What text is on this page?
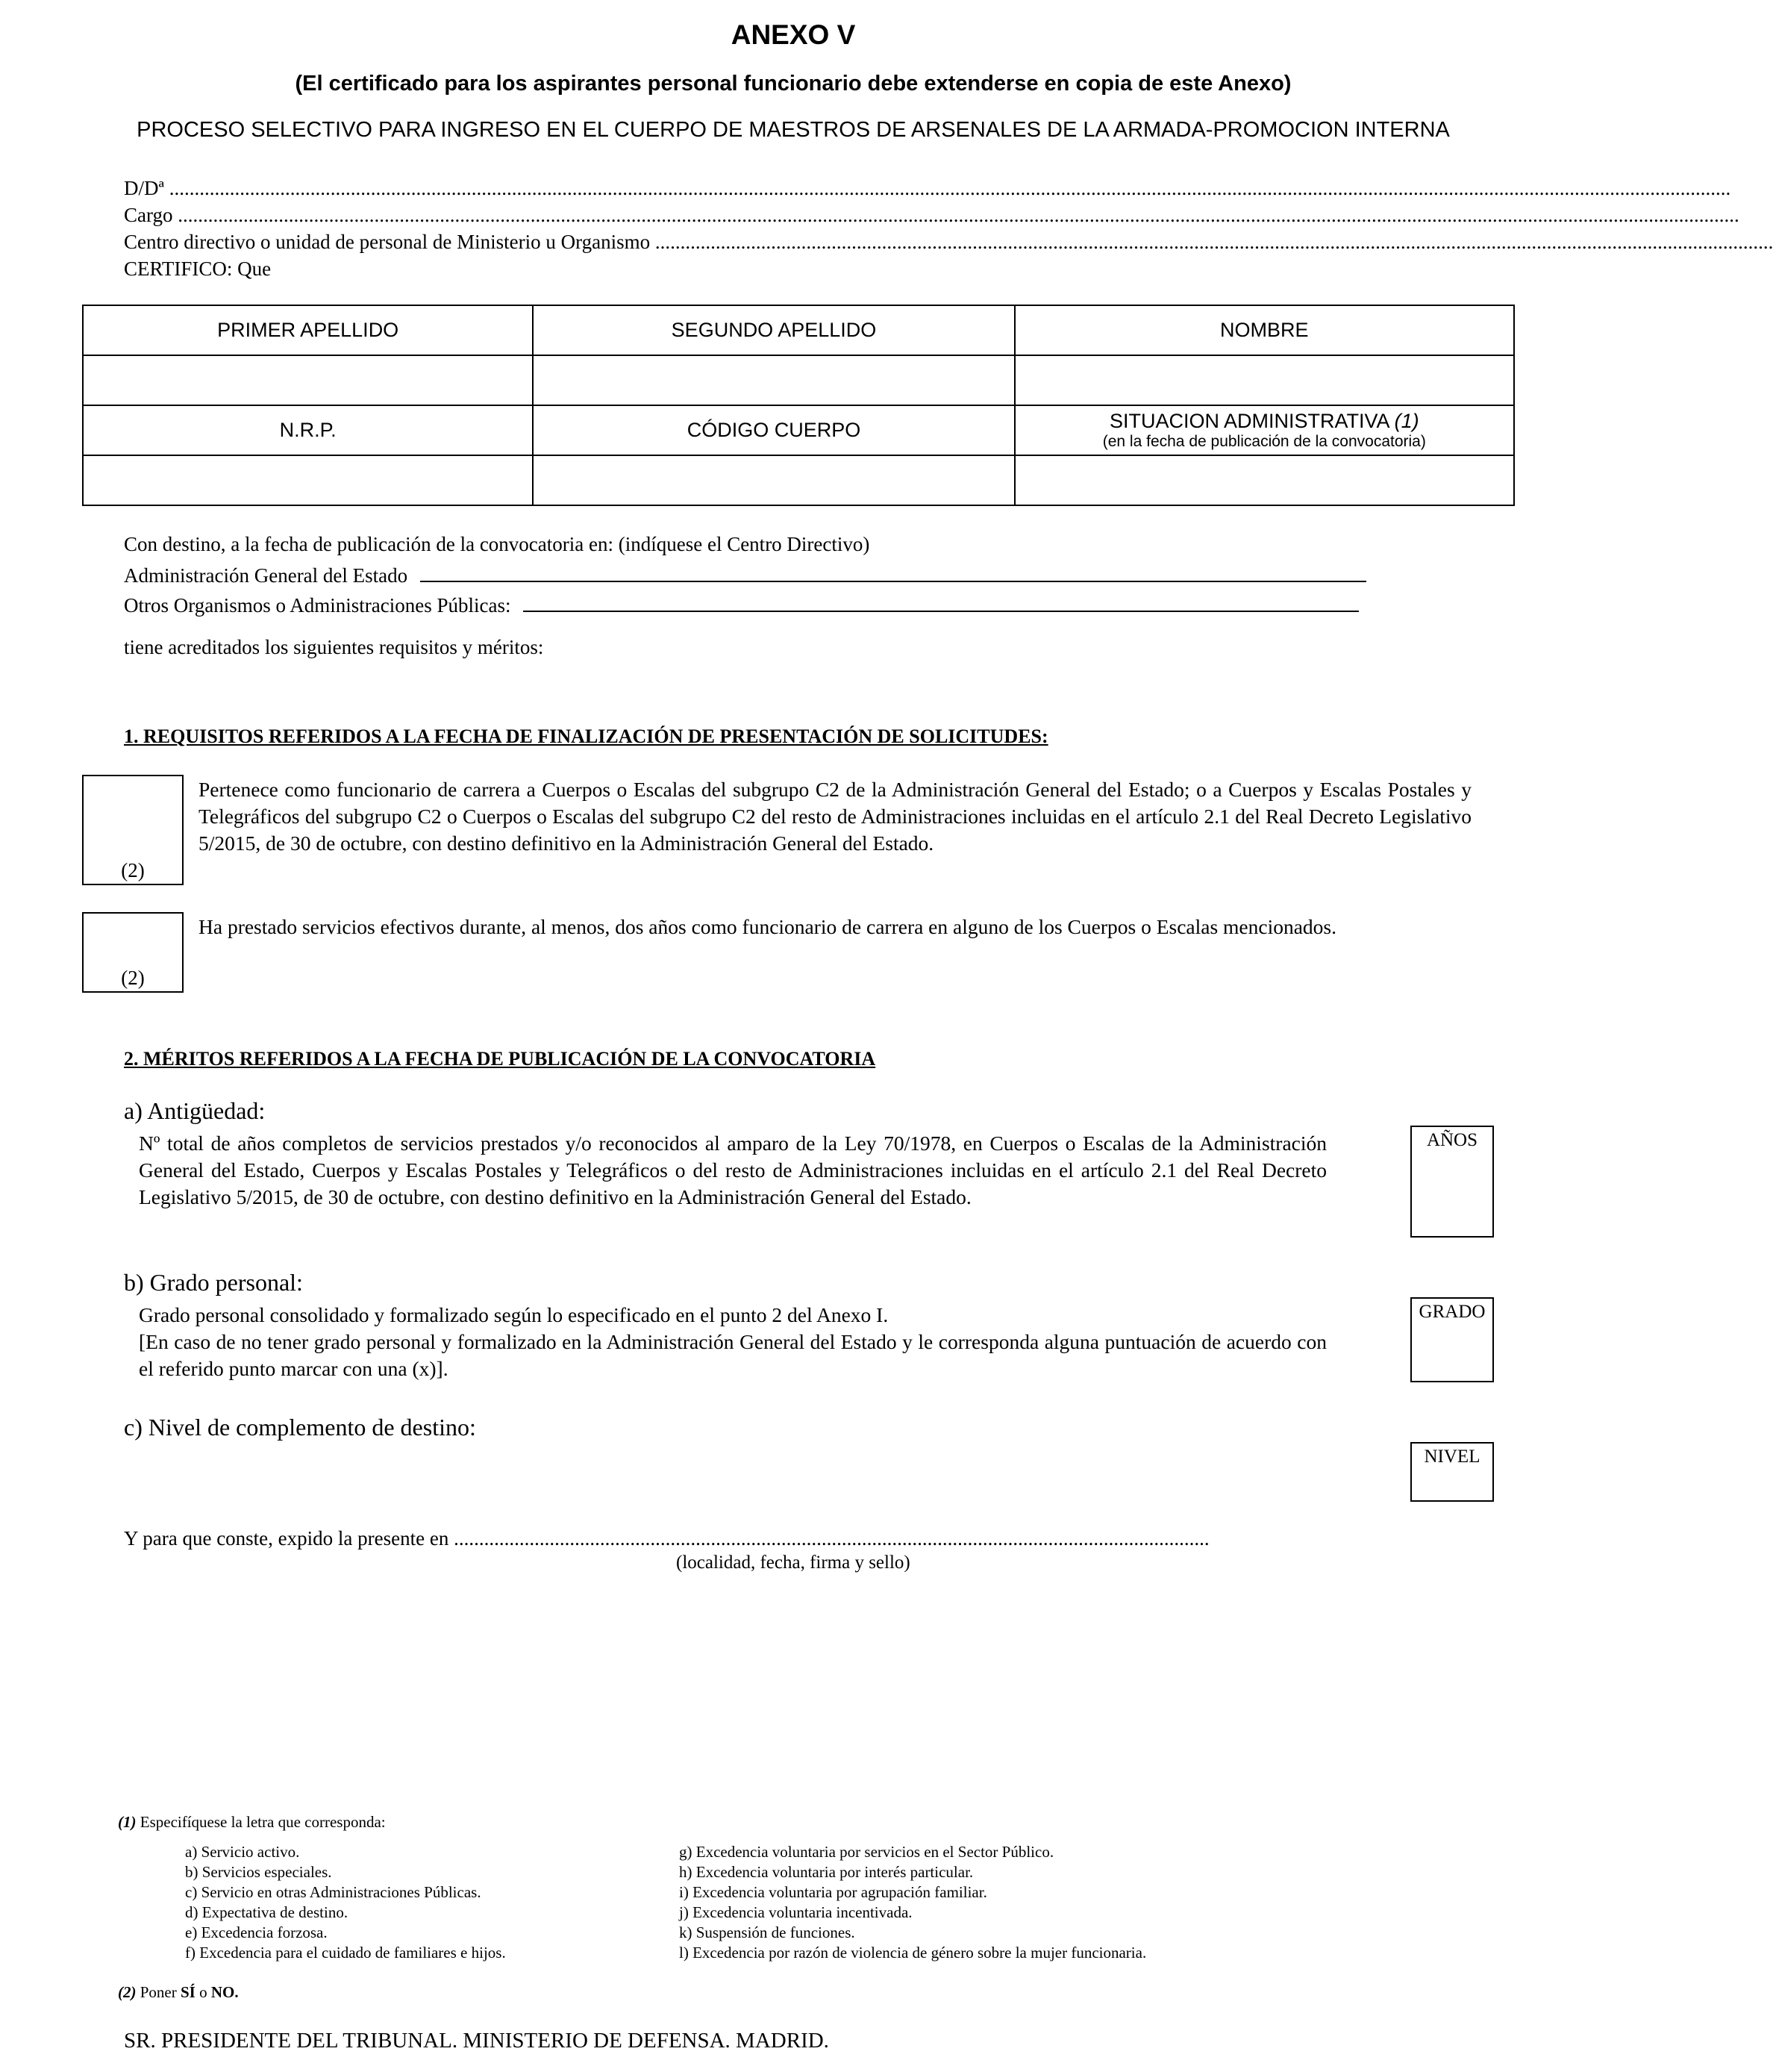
ANEXO V
(El certificado para los aspirantes personal funcionario debe extenderse en copia de este Anexo)
PROCESO SELECTIVO PARA INGRESO EN EL CUERPO DE MAESTROS DE ARSENALES DE LA ARMADA-PROMOCION INTERNA
D/Dª ......................................................................................................................................................................................................................................................................................................................
Cargo ......................................................................................................................................................................................................................................................................................................................
Centro directivo o unidad de personal de Ministerio u Organismo ..............................................................................................................................................................................................................................
CERTIFICO: Que
PRIMER APELLIDO	SEGUNDO APELLIDO	NOMBRE

N.R.P.	CÓDIGO CUERPO	SITUACION ADMINISTRATIVA (1)
(en la fecha de publicación de la convocatoria)

Con destino, a la fecha de publicación de la convocatoria en: (indíquese el Centro Directivo)
Administración General del Estado
Otros Organismos o Administraciones Públicas:
tiene acreditados los siguientes requisitos y méritos:
1. REQUISITOS REFERIDOS A LA FECHA DE FINALIZACIÓN DE PRESENTACIÓN DE SOLICITUDES:
(2)
Pertenece como funcionario de carrera a Cuerpos o Escalas del subgrupo C2 de la Administración General del Estado; o a Cuerpos y Escalas Postales y Telegráficos del subgrupo C2 o Cuerpos o Escalas del subgrupo C2 del resto de Administraciones incluidas en el artículo 2.1 del Real Decreto Legislativo 5/2015, de 30 de octubre, con destino definitivo en la Administración General del Estado.
(2)
Ha prestado servicios efectivos durante, al menos, dos años como funcionario de carrera en alguno de los Cuerpos o Escalas mencionados.
2. MÉRITOS REFERIDOS A LA FECHA DE PUBLICACIÓN DE LA CONVOCATORIA
a) Antigüedad:
Nº total de años completos de servicios prestados y/o reconocidos al amparo de la Ley 70/1978, en Cuerpos o Escalas de la Administración General del Estado, Cuerpos y Escalas Postales y Telegráficos o del resto de Administraciones incluidas en el artículo 2.1 del Real Decreto Legislativo 5/2015, de 30 de octubre, con destino definitivo en la Administración General del Estado.
AÑOS
b) Grado personal:
Grado personal consolidado y formalizado según lo especificado en el punto 2 del Anexo I.
[En caso de no tener grado personal y formalizado en la Administración General del Estado y le corresponda alguna puntuación de acuerdo con el referido punto marcar con una (x)].
GRADO
c) Nivel de complemento de destino:
NIVEL
Y para que conste, expido la presente en ......................................................................................................................................................
(localidad, fecha, firma y sello)
(1) Especifíquese la letra que corresponda:
a) Servicio activo.
b) Servicios especiales.
c) Servicio en otras Administraciones Públicas.
d) Expectativa de destino.
e) Excedencia forzosa.
f) Excedencia para el cuidado de familiares e hijos.
g) Excedencia voluntaria por servicios en el Sector Público.
h) Excedencia voluntaria por interés particular.
i) Excedencia voluntaria por agrupación familiar.
j) Excedencia voluntaria incentivada.
k) Suspensión de funciones.
l) Excedencia por razón de violencia de género sobre la mujer funcionaria.
(2) Poner SÍ o NO.
SR. PRESIDENTE DEL TRIBUNAL. MINISTERIO DE DEFENSA. MADRID.
